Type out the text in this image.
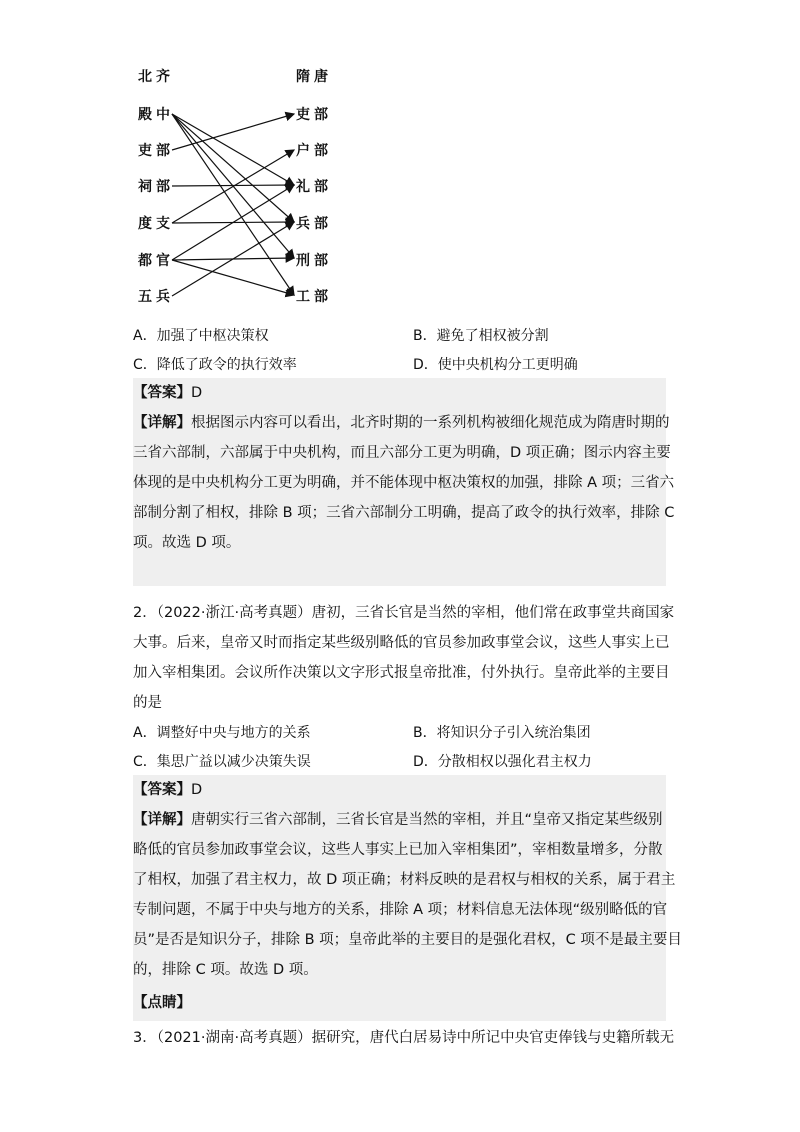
北齐	隋唐
殿中
吏部
祠部
度支
都官
五兵
吏部
户部
礼部
兵部
刑部
工部
A．加强了中枢决策权	B．避免了相权被分割
C．降低了政令的执行效率	D．使中央机构分工更明确
【答案】D
【详解】根据图示内容可以看出，北齐时期的一系列机构被细化规范成为隋唐时期的
三省六部制，六部属于中央机构，而且六部分工更为明确，D 项正确；图示内容主要
体现的是中央机构分工更为明确，并不能体现中枢决策权的加强，排除 A 项；三省六
部制分割了相权，排除 B 项；三省六部制分工明确，提高了政令的执行效率，排除 C
项。故选 D 项。
2．（2022·浙江·高考真题）唐初，三省长官是当然的宰相，他们常在政事堂共商国家
大事。后来，皇帝又时而指定某些级别略低的官员参加政事堂会议，这些人事实上已
加入宰相集团。会议所作决策以文字形式报皇帝批准，付外执行。皇帝此举的主要目
的是
A．调整好中央与地方的关系	B．将知识分子引入统治集团
C．集思广益以减少决策失误	D．分散相权以强化君主权力
【答案】D
【详解】唐朝实行三省六部制，三省长官是当然的宰相，并且“皇帝又指定某些级别
略低的官员参加政事堂会议，这些人事实上已加入宰相集团”，宰相数量增多，分散
了相权，加强了君主权力，故 D 项正确；材料反映的是君权与相权的关系，属于君主
专制问题，不属于中央与地方的关系，排除 A 项；材料信息无法体现“级别略低的官
员”是否是知识分子，排除 B 项；皇帝此举的主要目的是强化君权，C 项不是最主要目
的，排除 C 项。故选 D 项。
【点睛】
3．（2021·湖南·高考真题）据研究，唐代白居易诗中所记中央官吏俸钱与史籍所载无
